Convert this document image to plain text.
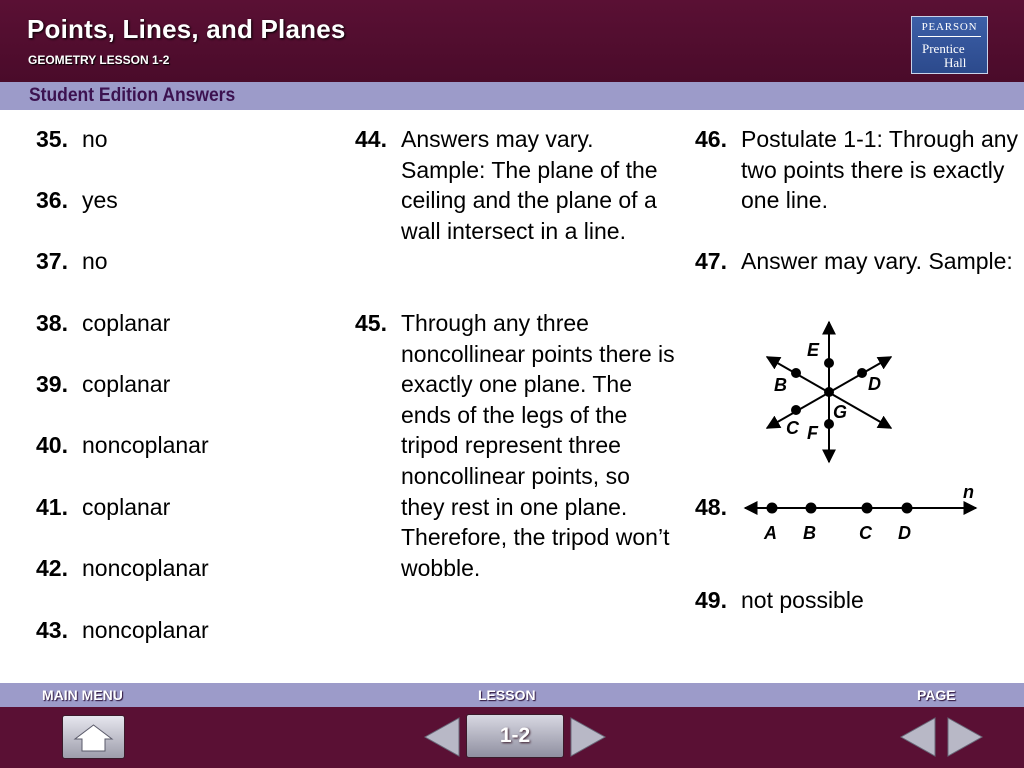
Points, Lines, and Planes
GEOMETRY LESSON 1-2
PEARSON
Prentice
Hall
Student Edition Answers
35. no
36. yes
37. no
38. coplanar
39. coplanar
40. noncoplanar
41. coplanar
42. noncoplanar
43. noncoplanar
44. Answers may vary. Sample: The plane of the ceiling and the plane of a wall intersect in a line.
45. Through any three noncollinear points there is exactly one plane. The ends of the legs of the tripod represent three noncollinear points, so they rest in one plane. Therefore, the tripod won’t wobble.
46. Postulate 1-1: Through any two points there is exactly one line.
47. Answer may vary. Sample:
48.
49. not possible
E
B	D
G
C F
n
A B C D
MAIN MENU	LESSON	PAGE
1-2
